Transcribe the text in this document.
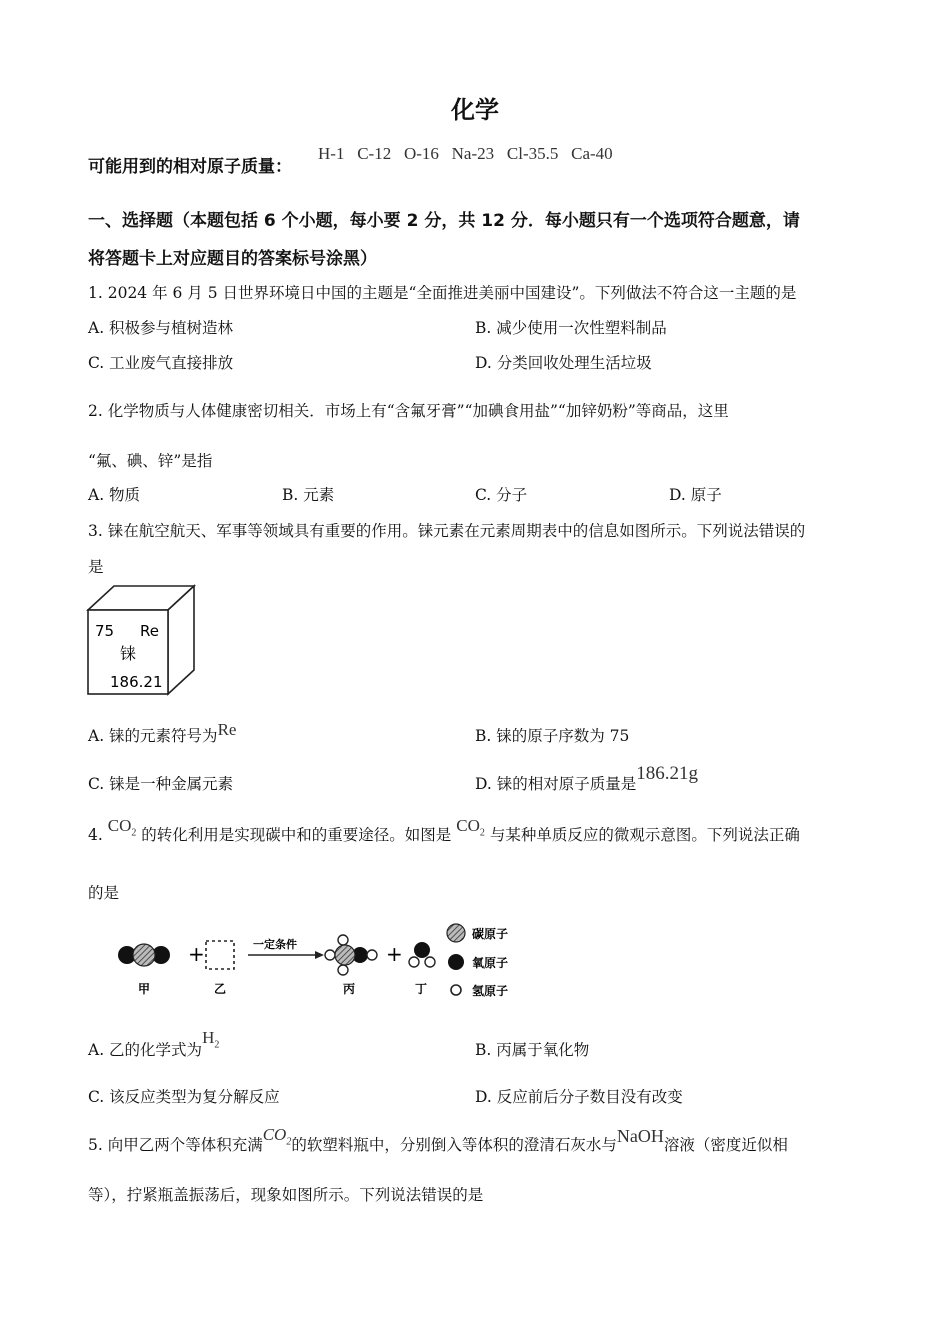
化学
可能用到的相对原子质量：
H-1 C-12 O-16 Na-23 Cl-35.5 Ca-40
一、选择题（本题包括 6 个小题，每小要 2 分，共 12 分．每小题只有一个选项符合题意，请
将答题卡上对应题目的答案标号涂黑）
1. 2024 年 6 月 5 日世界环境日中国的主题是“全面推进美丽中国建设”。下列做法不符合这一主题的是
A. 积极参与植树造林	B. 减少使用一次性塑料制品
C. 工业废气直接排放	D. 分类回收处理生活垃圾
2. 化学物质与人体健康密切相关．市场上有“含氟牙膏”“加碘食用盐”“加锌奶粉”等商品，这里
“氟、碘、锌”是指
A. 物质	B. 元素	C. 分子	D. 原子
3. 铼在航空航天、军事等领域具有重要的作用。铼元素在元素周期表中的信息如图所示。下列说法错误的
是
75 Re
铼
186.21
A. 铼的元素符号为Re	B. 铼的原子序数为 75
C. 铼是一种金属元素	D. 铼的相对原子质量是186.21g
4. $CO_2$ 的转化利用是实现碳中和的重要途径。如图是 $CO_2$ 与某种单质反应的微观示意图。下列说法正确
的是
+	一定条件	+
甲	乙	丙	丁
碳原子
氧原子
氢原子
A. 乙的化学式为$H_2$	B. 丙属于氧化物
C. 该反应类型为复分解反应	D. 反应前后分子数目没有改变
5. 向甲乙两个等体积充满$CO_2$的软塑料瓶中，分别倒入等体积的澄清石灰水与NaOH溶液（密度近似相
等），拧紧瓶盖振荡后，现象如图所示。下列说法错误的是
